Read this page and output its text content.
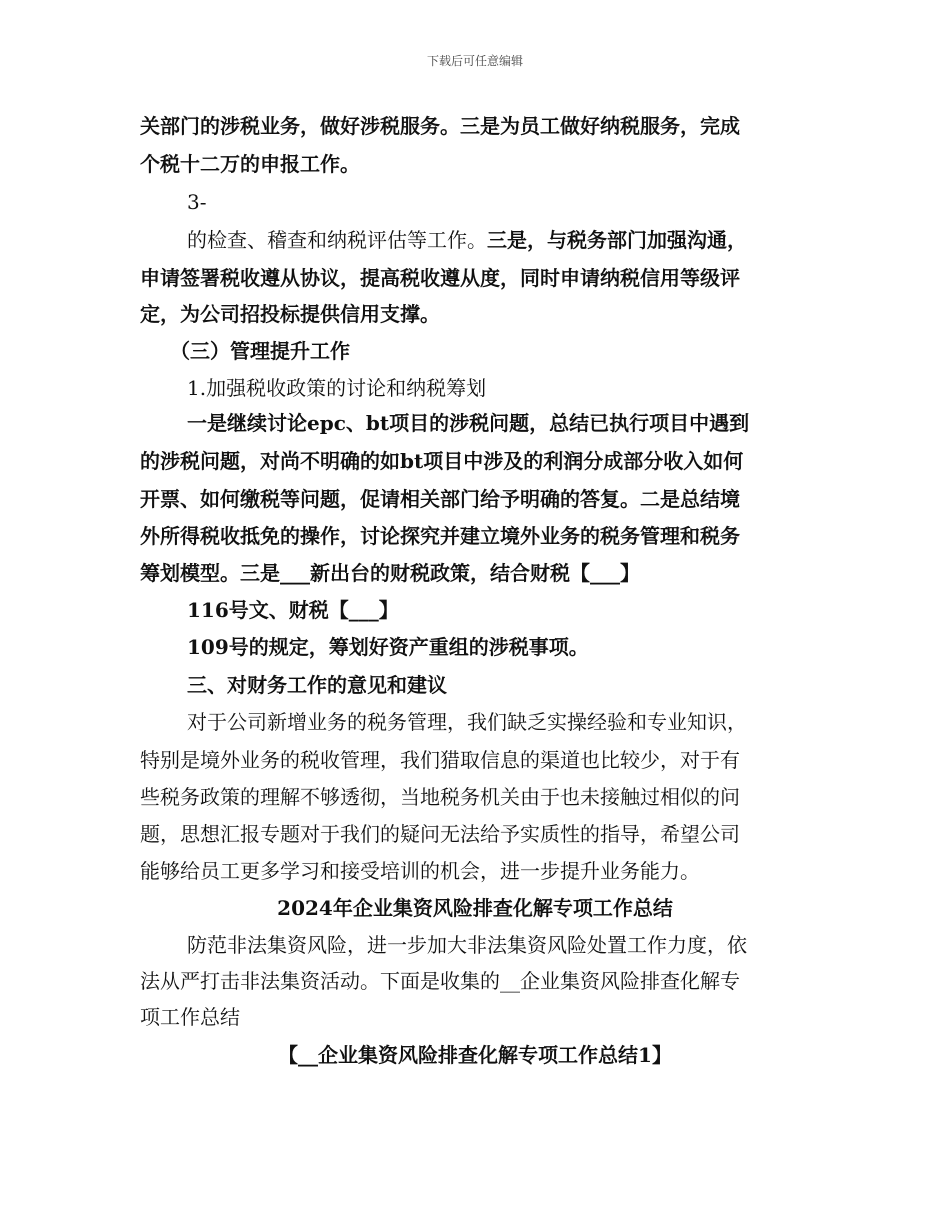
下载后可任意编辑
关部门的涉税业务，做好涉税服务。三是为员工做好纳税服务，完成
个税十二万的申报工作。
3-
的检查、稽查和纳税评估等工作。三是，与税务部门加强沟通，
申请签署税收遵从协议，提高税收遵从度，同时申请纳税信用等级评
定，为公司招投标提供信用支撑。
（三）管理提升工作
1.加强税收政策的讨论和纳税筹划
一是继续讨论epc、bt项目的涉税问题，总结已执行项目中遇到
的涉税问题，对尚不明确的如bt项目中涉及的利润分成部分收入如何
开票、如何缴税等问题，促请相关部门给予明确的答复。二是总结境
外所得税收抵免的操作，讨论探究并建立境外业务的税务管理和税务
筹划模型。三是___新出台的财税政策，结合财税【___】
116号文、财税【___】
109号的规定，筹划好资产重组的涉税事项。
三、对财务工作的意见和建议
对于公司新增业务的税务管理，我们缺乏实操经验和专业知识，
特别是境外业务的税收管理，我们猎取信息的渠道也比较少，对于有
些税务政策的理解不够透彻，当地税务机关由于也未接触过相似的问
题，思想汇报专题对于我们的疑问无法给予实质性的指导，希望公司
能够给员工更多学习和接受培训的机会，进一步提升业务能力。
2024年企业集资风险排查化解专项工作总结
防范非法集资风险，进一步加大非法集资风险处置工作力度，依
法从严打击非法集资活动。下面是收集的__企业集资风险排查化解专
项工作总结
【__企业集资风险排查化解专项工作总结1】
